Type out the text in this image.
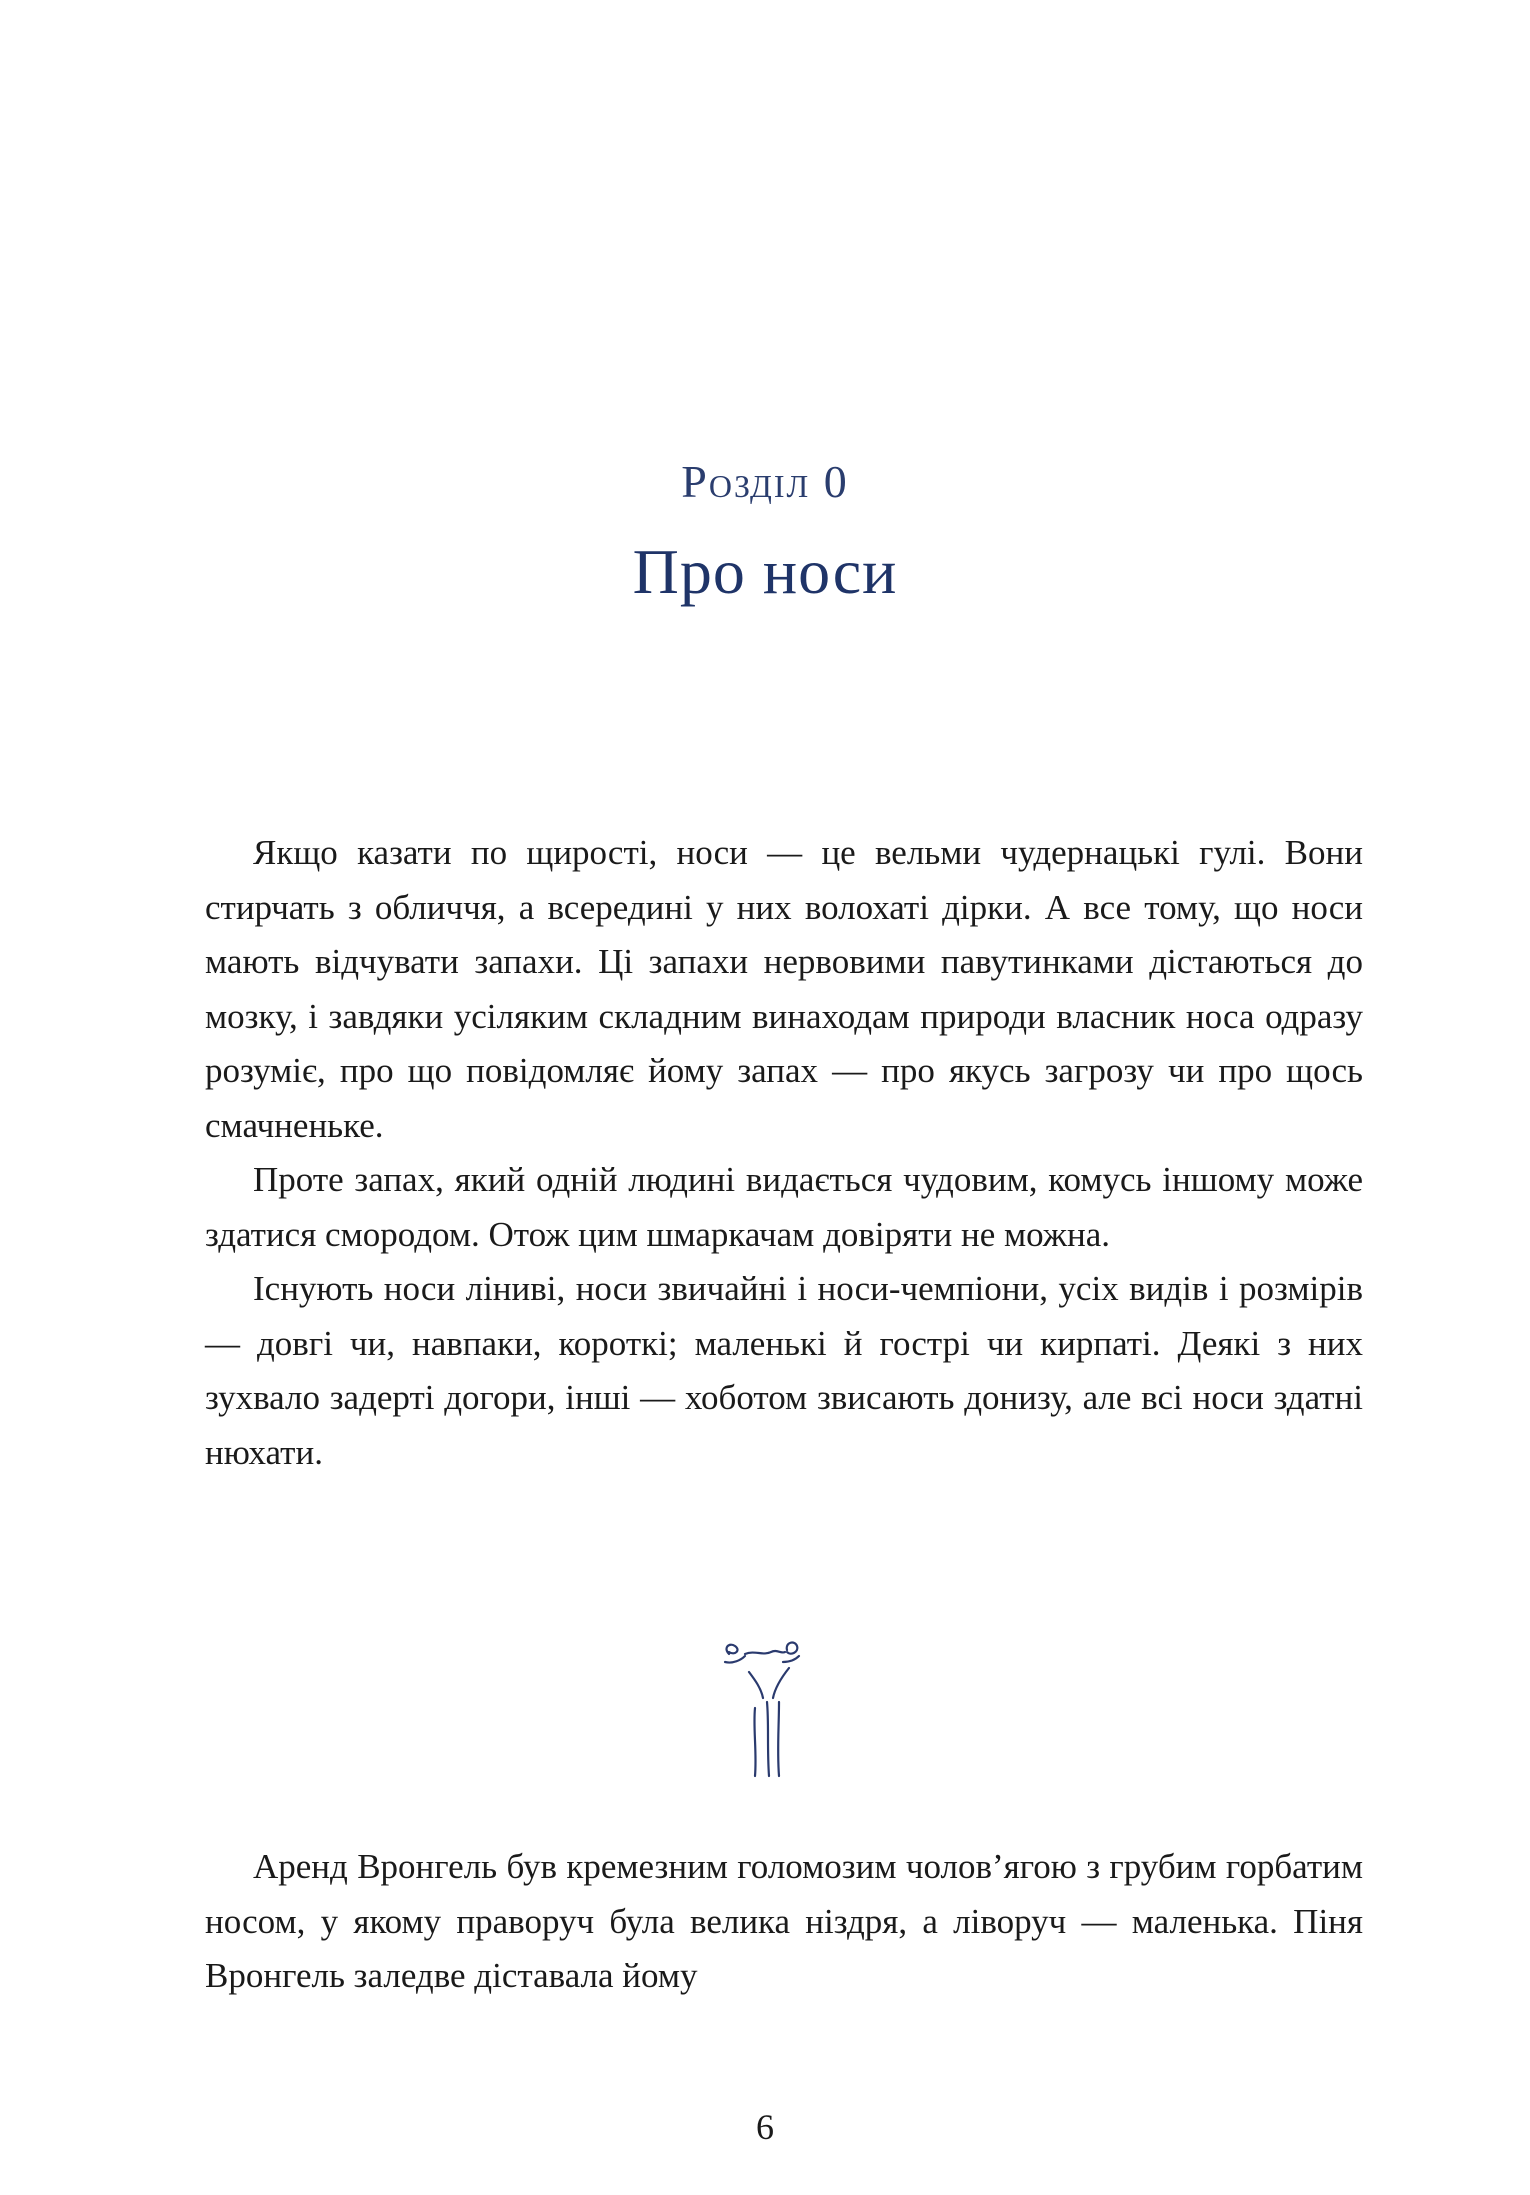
Розділ 0
Про носи

Якщо казати по щирості, носи — це вельми чудернацькі гулі. Вони стирчать з обличчя, а всередині у них волохаті дірки. А все тому, що носи мають відчувати запахи. Ці запахи нервовими павутинками дістаються до мозку, і завдяки усіляким складним винаходам природи власник носа одразу розуміє, про що повідомляє йому запах — про якусь загрозу чи про щось смачненьке.

Проте запах, який одній людині видається чудовим, комусь іншому може здатися смородом. Отож цим шмаркачам довіряти не можна.

Існують носи ліниві, носи звичайні і носи-чемпіони, усіх видів і розмірів — довгі чи, навпаки, короткі; маленькі й гострі чи кирпаті. Деякі з них зухвало задерті догори, інші — хоботом звисають донизу, але всі носи здатні нюхати.

Аренд Вронгель був кремезним голомозим чолов’ягою з грубим горбатим носом, у якому праворуч була велика ніздря, а ліворуч — маленька. Піня Вронгель заледве діставала йому

6
